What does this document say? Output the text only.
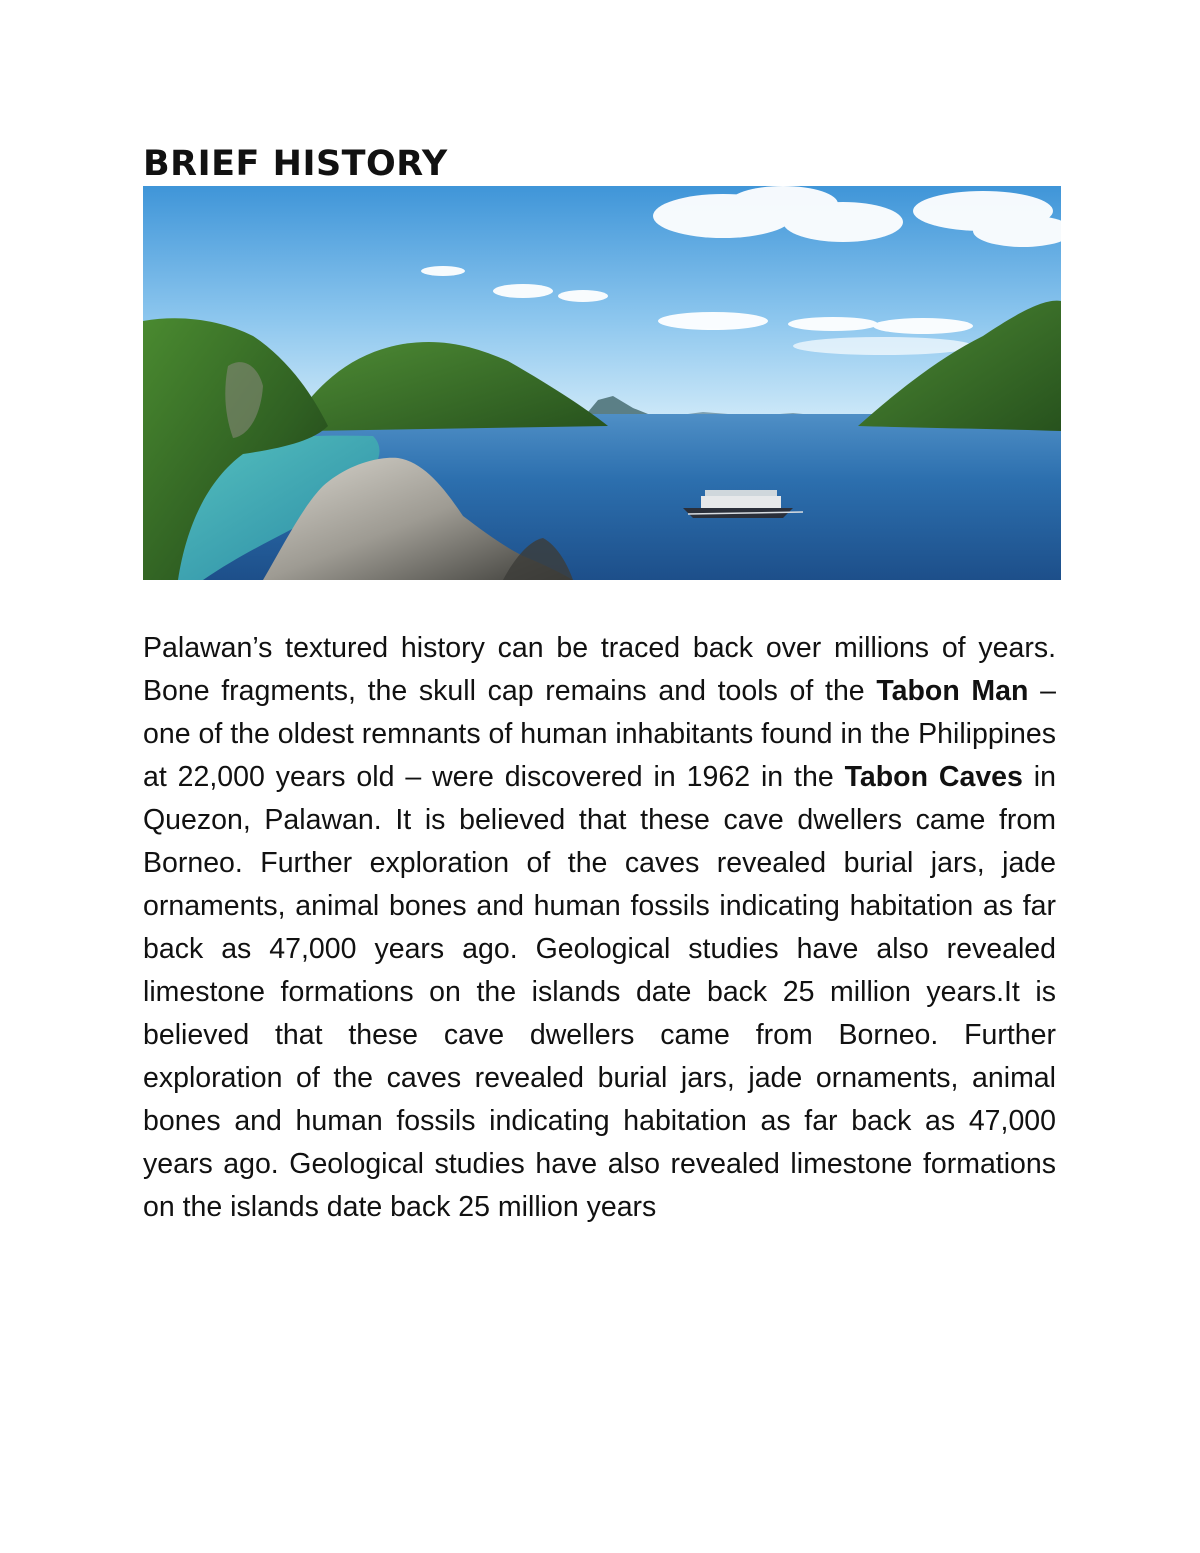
BRIEF HISTORY

Palawan’s textured history can be traced back over millions of years. Bone fragments, the skull cap remains and tools of the Tabon Man – one of the oldest remnants of human inhabitants found in the Philippines at 22,000 years old – were discovered in 1962 in the Tabon Caves in Quezon, Palawan. It is believed that these cave dwellers came from Borneo. Further exploration of the caves revealed burial jars, jade ornaments, animal bones and human fossils indicating habitation as far back as 47,000 years ago. Geological studies have also revealed limestone formations on the islands date back 25 million years.It is believed that these cave dwellers came from Borneo. Further exploration of the caves revealed burial jars, jade ornaments, animal bones and human fossils indicating habitation as far back as 47,000 years ago. Geological studies have also revealed limestone formations on the islands date back 25 million years
